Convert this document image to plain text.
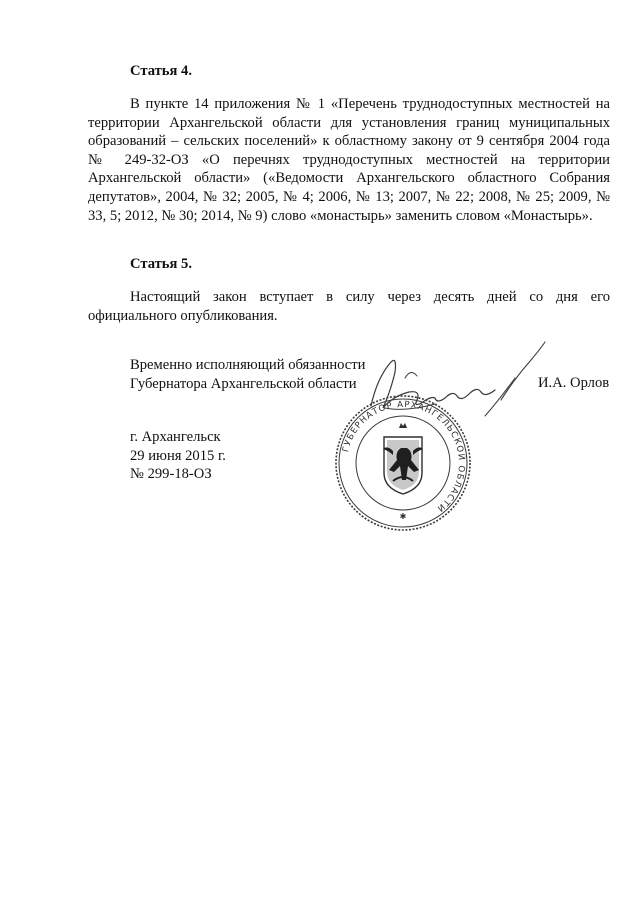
Статья 4.

В пункте 14 приложения № 1 «Перечень труднодоступных местностей на территории Архангельской области для установления границ муниципальных образований – сельских поселений» к областному закону от 9 сентября 2004 года № 249-32-ОЗ «О перечнях труднодоступных местностей на территории Архангельской области» («Ведомости Архангельского областного Собрания депутатов», 2004, № 32; 2005, № 4; 2006, № 13; 2007, № 22; 2008, № 25; 2009, № 33, 5; 2012, № 30; 2014, № 9) слово «монастырь» заменить словом «Монастырь».

Статья 5.

Настоящий закон вступает в силу через десять дней со дня его официального опубликования.

Временно исполняющий обязанности
Губернатора Архангельской области	И.А. Орлов
ГУБЕРНАТОР АРХАНГЕЛЬСКОЙ ОБЛАСТИ
✱
г. Архангельск
29 июня 2015 г.
№ 299-18-ОЗ
